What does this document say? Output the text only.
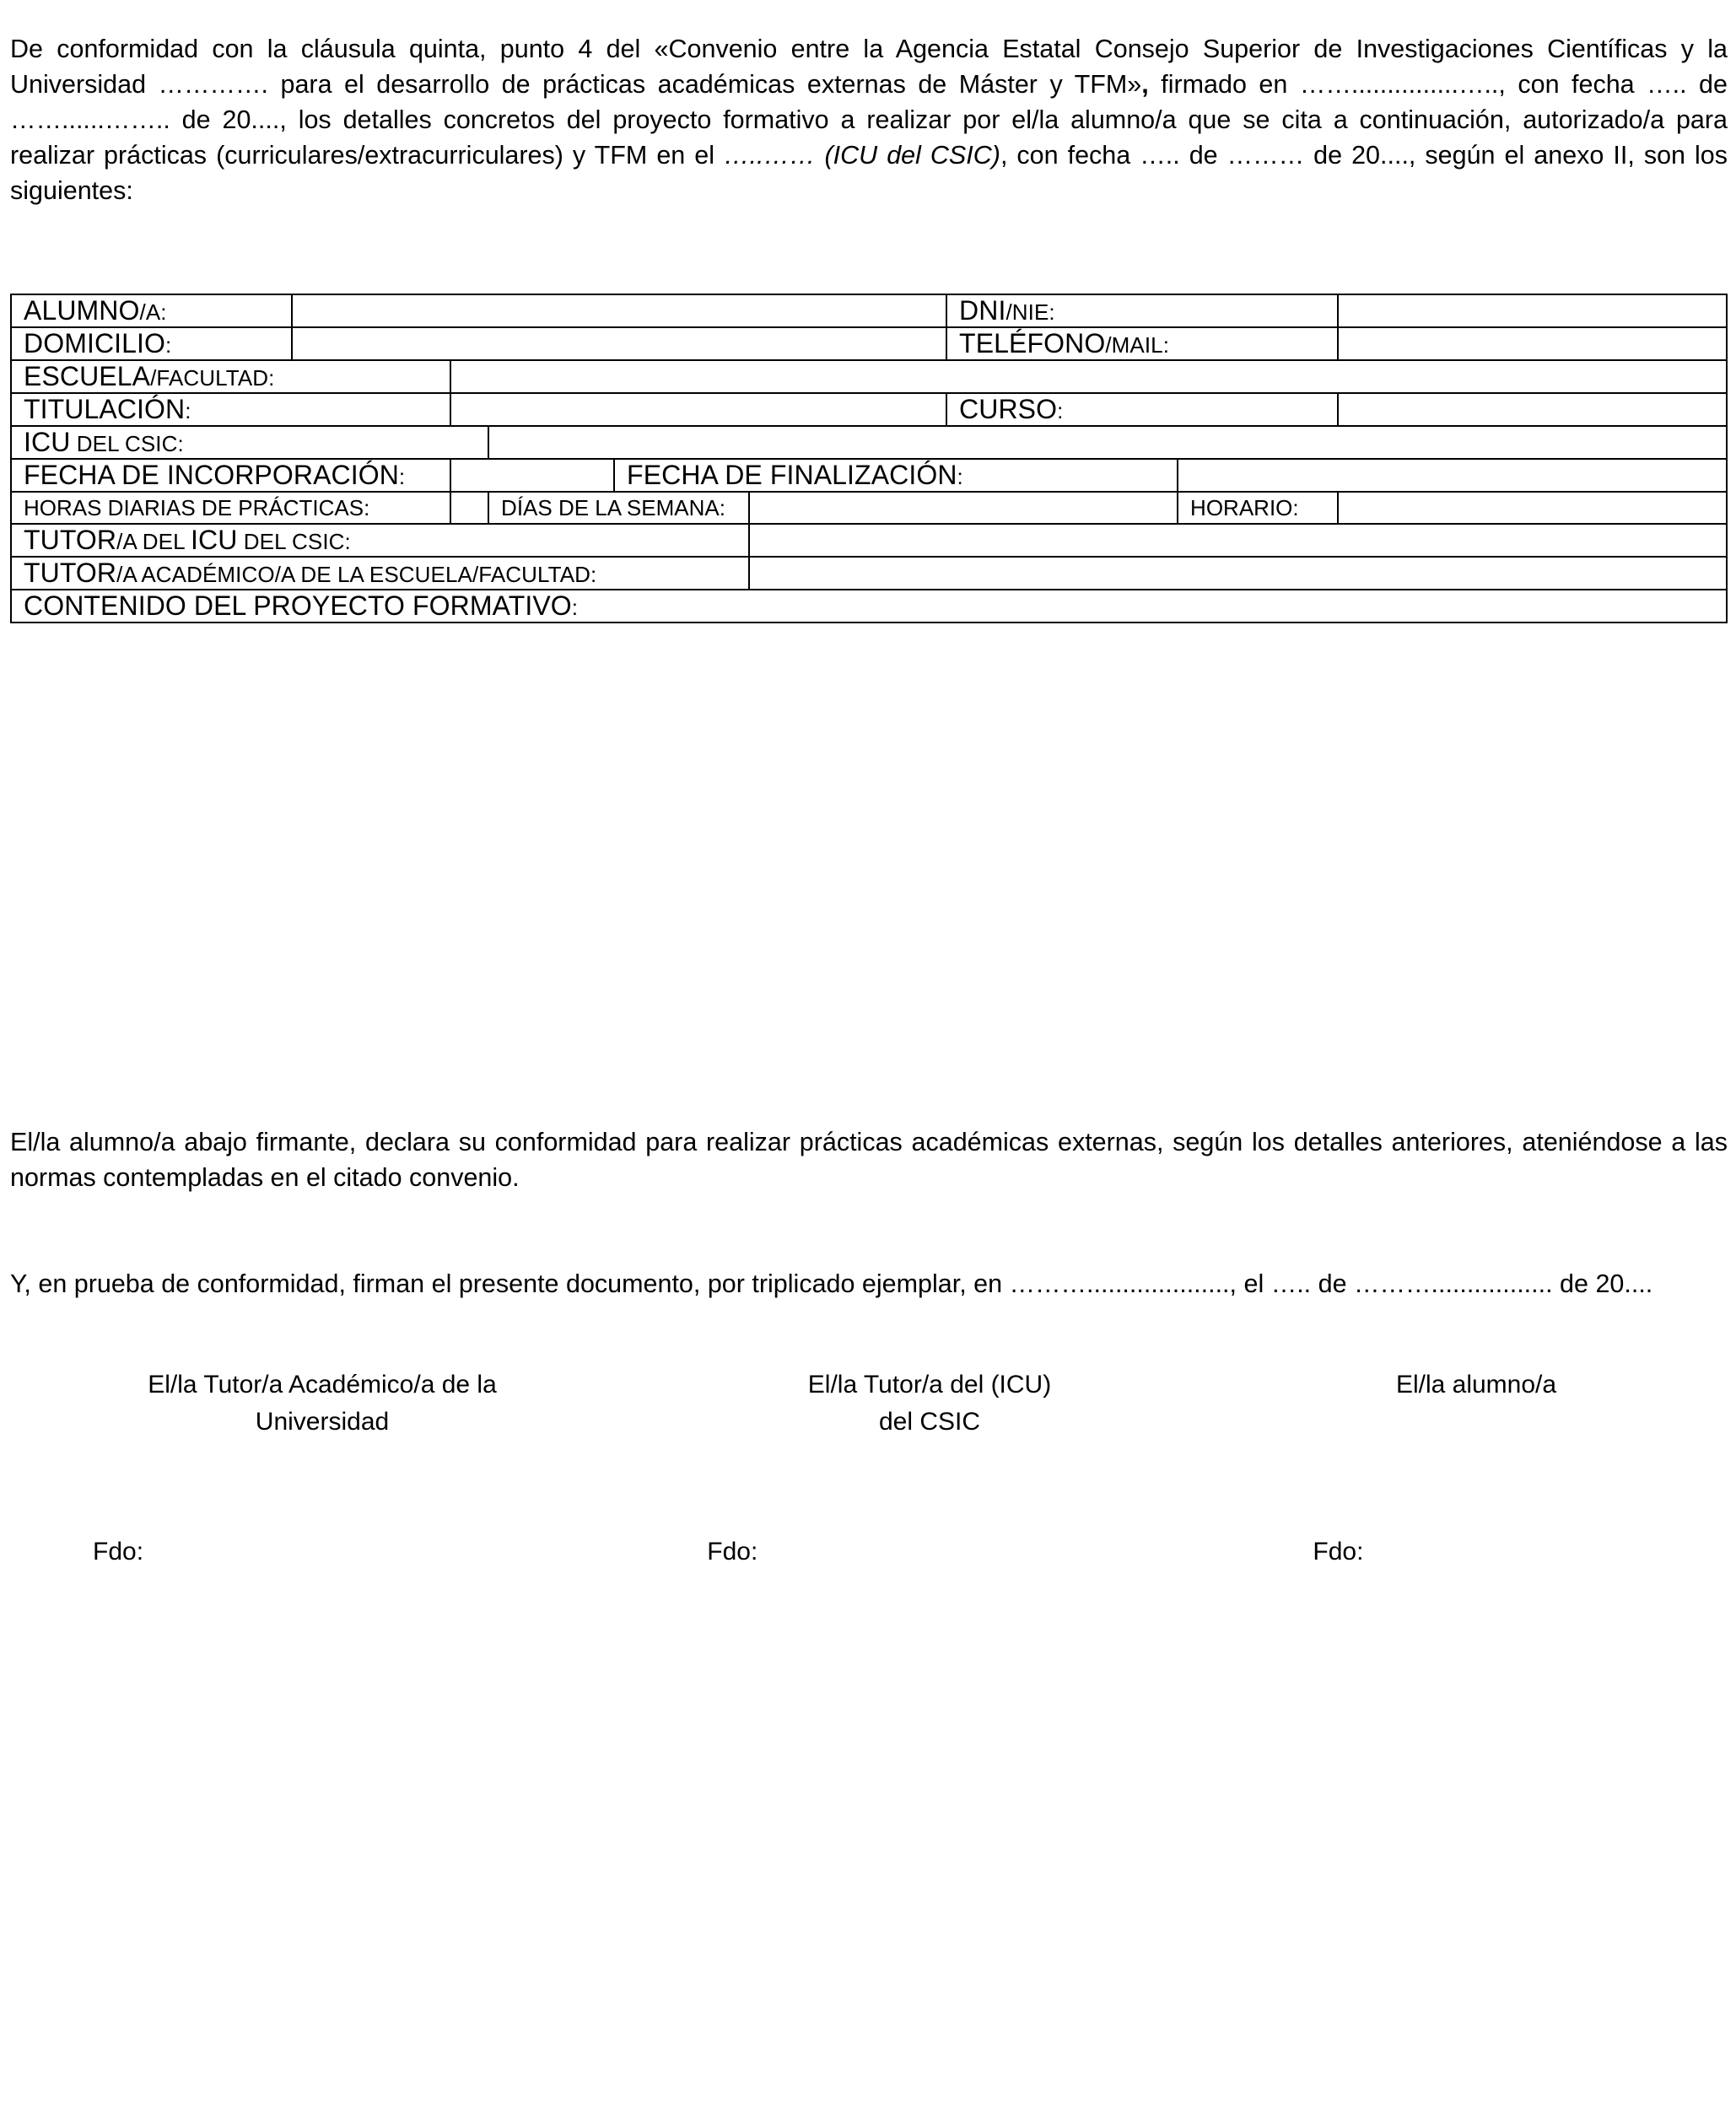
De conformidad con la cláusula quinta, punto 4 del «Convenio entre la Agencia Estatal Consejo Superior de Investigaciones Científicas y la Universidad …………. para el desarrollo de prácticas académicas externas de Máster y TFM», firmado en ……...............….., con fecha ….. de ……......…….. de 20...., los detalles concretos del proyecto formativo a realizar por el/la alumno/a que se cita a continuación, autorizado/a para realizar prácticas (curriculares/extracurriculares) y TFM en el …..…… (ICU del CSIC), con fecha ….. de ……… de 20...., según el anexo II, son los siguientes:

ALUMNO/A:						DNI/NIE:		
DOMICILIO:						TELÉFONO/MAIL:		
ESCUELA/FACULTAD:								
TITULACIÓN:						CURSO:		
ICU DEL CSIC:								
FECHA DE INCORPORACIÓN:				FECHA DE FINALIZACIÓN:				
HORAS DIARIAS DE PRÁCTICAS:			DÍAS DE LA SEMANA:				HORARIO:	
TUTOR/A DEL ICU DEL CSIC:								
TUTOR/A ACADÉMICO/A DE LA ESCUELA/FACULTAD:								
CONTENIDO DEL PROYECTO FORMATIVO:								

El/la alumno/a abajo firmante, declara su conformidad para realizar prácticas académicas externas, según los detalles anteriores, ateniéndose a las normas contempladas en el citado convenio.

Y, en prueba de conformidad, firman el presente documento, por triplicado ejemplar, en ………...................., el ….. de ………................. de 20....

El/la Tutor/a Académico/a de la
Universidad
El/la Tutor/a del (ICU)
del CSIC
El/la alumno/a
Fdo:	Fdo:	Fdo:
